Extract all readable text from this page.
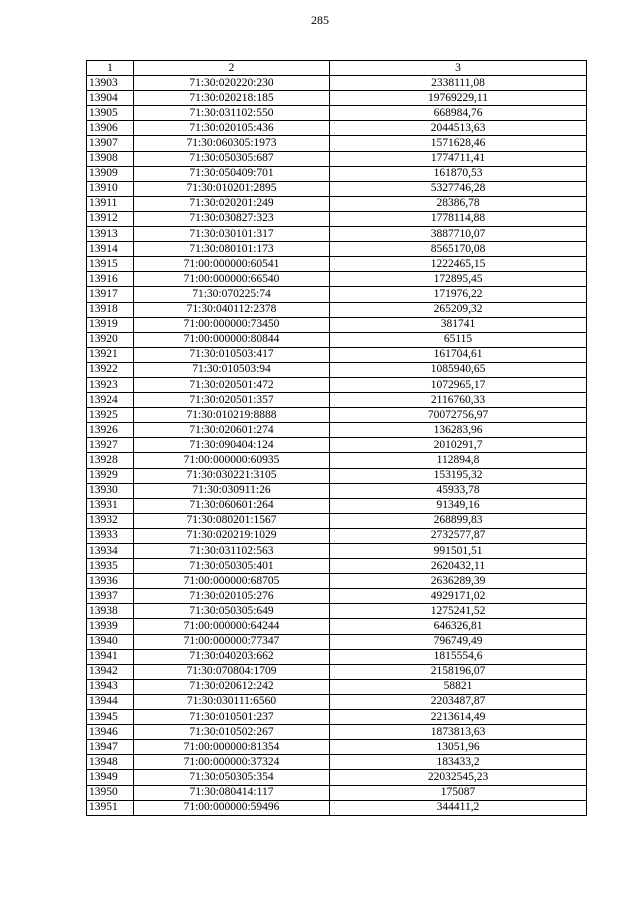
285
1	2	3
13903	71:30:020220:230	2338111,08
13904	71:30:020218:185	19769229,11
13905	71:30:031102:550	668984,76
13906	71:30:020105:436	2044513,63
13907	71:30:060305:1973	1571628,46
13908	71:30:050305:687	1774711,41
13909	71:30:050409:701	161870,53
13910	71:30:010201:2895	5327746,28
13911	71:30:020201:249	28386,78
13912	71:30:030827:323	1778114,88
13913	71:30:030101:317	3887710,07
13914	71:30:080101:173	8565170,08
13915	71:00:000000:60541	1222465,15
13916	71:00:000000:66540	172895,45
13917	71:30:070225:74	171976,22
13918	71:30:040112:2378	265209,32
13919	71:00:000000:73450	381741
13920	71:00:000000:80844	65115
13921	71:30:010503:417	161704,61
13922	71:30:010503:94	1085940,65
13923	71:30:020501:472	1072965,17
13924	71:30:020501:357	2116760,33
13925	71:30:010219:8888	70072756,97
13926	71:30:020601:274	136283,96
13927	71:30:090404:124	2010291,7
13928	71:00:000000:60935	112894,8
13929	71:30:030221:3105	153195,32
13930	71:30:030911:26	45933,78
13931	71:30:060601:264	91349,16
13932	71:30:080201:1567	268899,83
13933	71:30:020219:1029	2732577,87
13934	71:30:031102:563	991501,51
13935	71:30:050305:401	2620432,11
13936	71:00:000000:68705	2636289,39
13937	71:30:020105:276	4929171,02
13938	71:30:050305:649	1275241,52
13939	71:00:000000:64244	646326,81
13940	71:00:000000:77347	796749,49
13941	71:30:040203:662	1815554,6
13942	71:30:070804:1709	2158196,07
13943	71:30:020612:242	58821
13944	71:30:030111:6560	2203487,87
13945	71:30:010501:237	2213614,49
13946	71:30:010502:267	1873813,63
13947	71:00:000000:81354	13051,96
13948	71:00:000000:37324	183433,2
13949	71:30:050305:354	22032545,23
13950	71:30:080414:117	175087
13951	71:00:000000:59496	344411,2
